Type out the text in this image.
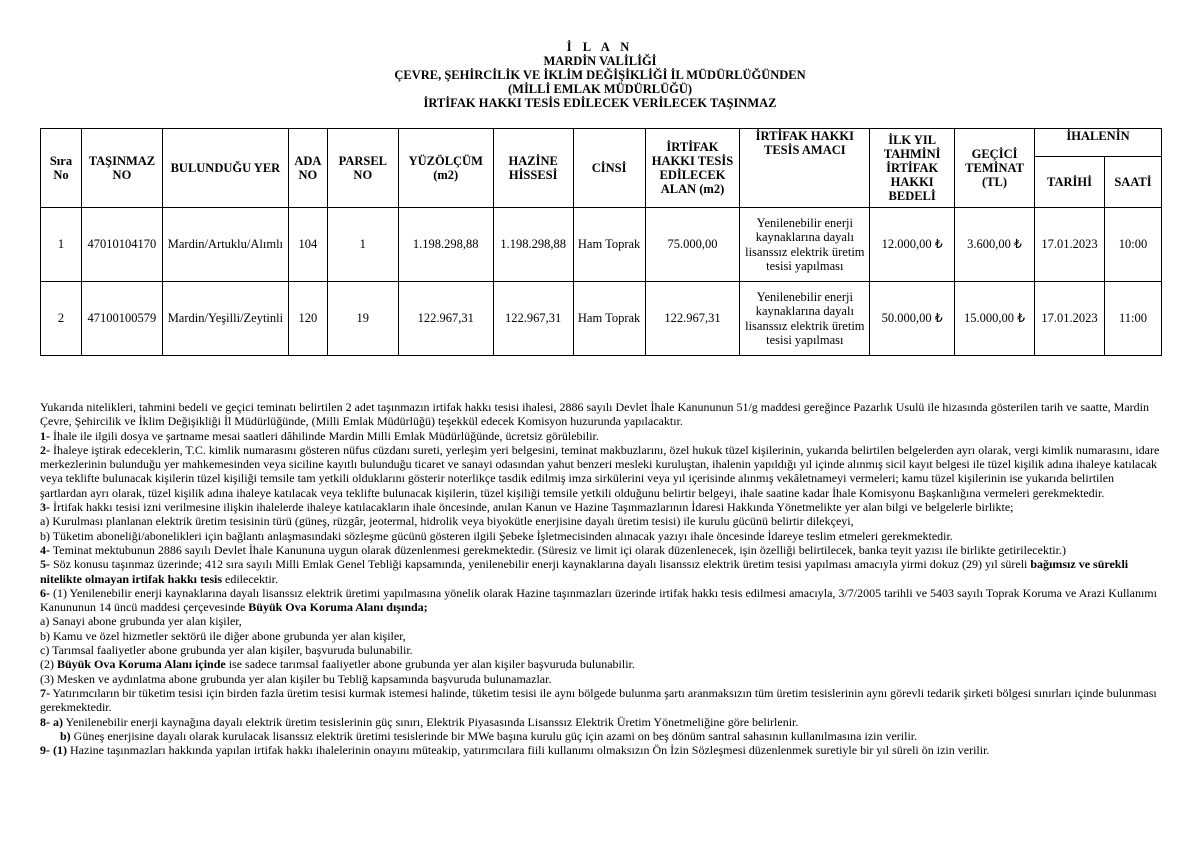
İ L A N
MARDİN VALİLİĞİ
ÇEVRE, ŞEHİRCİLİK VE İKLİM DEĞİŞİKLİĞİ İL MÜDÜRLÜĞÜNDEN
(MİLLİ EMLAK MÜDÜRLÜĞÜ)
İRTİFAK HAKKI TESİS EDİLECEK VERİLECEK TAŞINMAZ
Sıra No	TAŞINMAZ NO	BULUNDUĞU YER	ADA NO	PARSEL NO	YÜZÖLÇÜM (m2)	HAZİNE HİSSESİ	CİNSİ	İRTİFAK HAKKI TESİS EDİLECEK ALAN (m2)	İRTİFAK HAKKI TESİS AMACI	İLK YIL TAHMİNİ İRTİFAK HAKKI BEDELİ	GEÇİCİ TEMİNAT (TL)	İHALENİN	
												TARİHİ	SAATİ
1	47010104170	Mardin/Artuklu/Alımlı	104	1	1.198.298,88	1.198.298,88	Ham Toprak	75.000,00	Yenilenebilir enerji kaynaklarına dayalı lisanssız elektrik üretim tesisi yapılması	12.000,00 ₺	3.600,00 ₺	17.01.2023	10:00
2	47100100579	Mardin/Yeşilli/Zeytinli	120	19	122.967,31	122.967,31	Ham Toprak	122.967,31	Yenilenebilir enerji kaynaklarına dayalı lisanssız elektrik üretim tesisi yapılması	50.000,00 ₺	15.000,00 ₺	17.01.2023	11:00

Yukarıda nitelikleri, tahmini bedeli ve geçici teminatı belirtilen 2 adet taşınmazın irtifak hakkı tesisi ihalesi, 2886 sayılı Devlet İhale Kanununun 51/g maddesi gereğince Pazarlık Usulü ile hizasında gösterilen tarih ve saatte, Mardin Çevre, Şehircilik ve İklim Değişikliği İl Müdürlüğünde, (Milli Emlak Müdürlüğü) teşekkül edecek Komisyon huzurunda yapılacaktır.

1- İhale ile ilgili dosya ve şartname mesai saatleri dâhilinde Mardin Milli Emlak Müdürlüğünde, ücretsiz görülebilir.

2- İhaleye iştirak edeceklerin, T.C. kimlik numarasını gösteren nüfus cüzdanı sureti, yerleşim yeri belgesini, teminat makbuzlarını, özel hukuk tüzel kişilerinin, yukarıda belirtilen belgelerden ayrı olarak, vergi kimlik numarasını, idare merkezlerinin bulunduğu yer mahkemesinden veya siciline kayıtlı bulunduğu ticaret ve sanayi odasından yahut benzeri mesleki kuruluştan, ihalenin yapıldığı yıl içinde alınmış sicil kayıt belgesi ile tüzel kişilik adına ihaleye katılacak veya teklifte bulunacak kişilerin tüzel kişiliği temsile tam yetkili olduklarını gösterir noterlikçe tasdik edilmiş imza sirkülerini veya yıl içerisinde alınmış vekâletnameyi vermeleri; kamu tüzel kişilerinin ise yukarıda belirtilen şartlardan ayrı olarak, tüzel kişilik adına ihaleye katılacak veya teklifte bulunacak kişilerin, tüzel kişiliği temsile yetkili olduğunu belirtir belgeyi, ihale saatine kadar İhale Komisyonu Başkanlığına vermeleri gerekmektedir.

3- İrtifak hakkı tesisi izni verilmesine ilişkin ihalelerde ihaleye katılacakların ihale öncesinde, anılan Kanun ve Hazine Taşınmazlarının İdaresi Hakkında Yönetmelikte yer alan bilgi ve belgelerle birlikte;

a) Kurulması planlanan elektrik üretim tesisinin türü (güneş, rüzgâr, jeotermal, hidrolik veya biyokütle enerjisine dayalı üretim tesisi) ile kurulu gücünü belirtir dilekçeyi,

b) Tüketim aboneliği/abonelikleri için bağlantı anlaşmasındaki sözleşme gücünü gösteren ilgili Şebeke İşletmecisinden alınacak yazıyı ihale öncesinde İdareye teslim etmeleri gerekmektedir.

4- Teminat mektubunun 2886 sayılı Devlet İhale Kanununa uygun olarak düzenlenmesi gerekmektedir. (Süresiz ve limit içi olarak düzenlenecek, işin özelliği belirtilecek, banka teyit yazısı ile birlikte getirilecektir.)

5- Söz konusu taşınmaz üzerinde; 412 sıra sayılı Milli Emlak Genel Tebliği kapsamında, yenilenebilir enerji kaynaklarına dayalı lisanssız elektrik üretim tesisi yapılması amacıyla yirmi dokuz (29) yıl süreli bağımsız ve sürekli nitelikte olmayan irtifak hakkı tesis edilecektir.

6- (1) Yenilenebilir enerji kaynaklarına dayalı lisanssız elektrik üretimi yapılmasına yönelik olarak Hazine taşınmazları üzerinde irtifak hakkı tesis edilmesi amacıyla, 3/7/2005 tarihli ve 5403 sayılı Toprak Koruma ve Arazi Kullanımı Kanununun 14 üncü maddesi çerçevesinde Büyük Ova Koruma Alanı dışında;

a) Sanayi abone grubunda yer alan kişiler,

b) Kamu ve özel hizmetler sektörü ile diğer abone grubunda yer alan kişiler,

c) Tarımsal faaliyetler abone grubunda yer alan kişiler, başvuruda bulunabilir.

(2) Büyük Ova Koruma Alanı içinde ise sadece tarımsal faaliyetler abone grubunda yer alan kişiler başvuruda bulunabilir.

(3) Mesken ve aydınlatma abone grubunda yer alan kişiler bu Tebliğ kapsamında başvuruda bulunamazlar.

7- Yatırımcıların bir tüketim tesisi için birden fazla üretim tesisi kurmak istemesi halinde, tüketim tesisi ile aynı bölgede bulunma şartı aranmaksızın tüm üretim tesislerinin aynı görevli tedarik şirketi bölgesi sınırları içinde bulunması gerekmektedir.

8- a) Yenilenebilir enerji kaynağına dayalı elektrik üretim tesislerinin güç sınırı, Elektrik Piyasasında Lisanssız Elektrik Üretim Yönetmeliğine göre belirlenir.

b) Güneş enerjisine dayalı olarak kurulacak lisanssız elektrik üretimi tesislerinde bir MWe başına kurulu güç için azami on beş dönüm santral sahasının kullanılmasına izin verilir.

9- (1) Hazine taşınmazları hakkında yapılan irtifak hakkı ihalelerinin onayını müteakip, yatırımcılara fiili kullanımı olmaksızın Ön İzin Sözleşmesi düzenlenmek suretiyle bir yıl süreli ön izin verilir.
